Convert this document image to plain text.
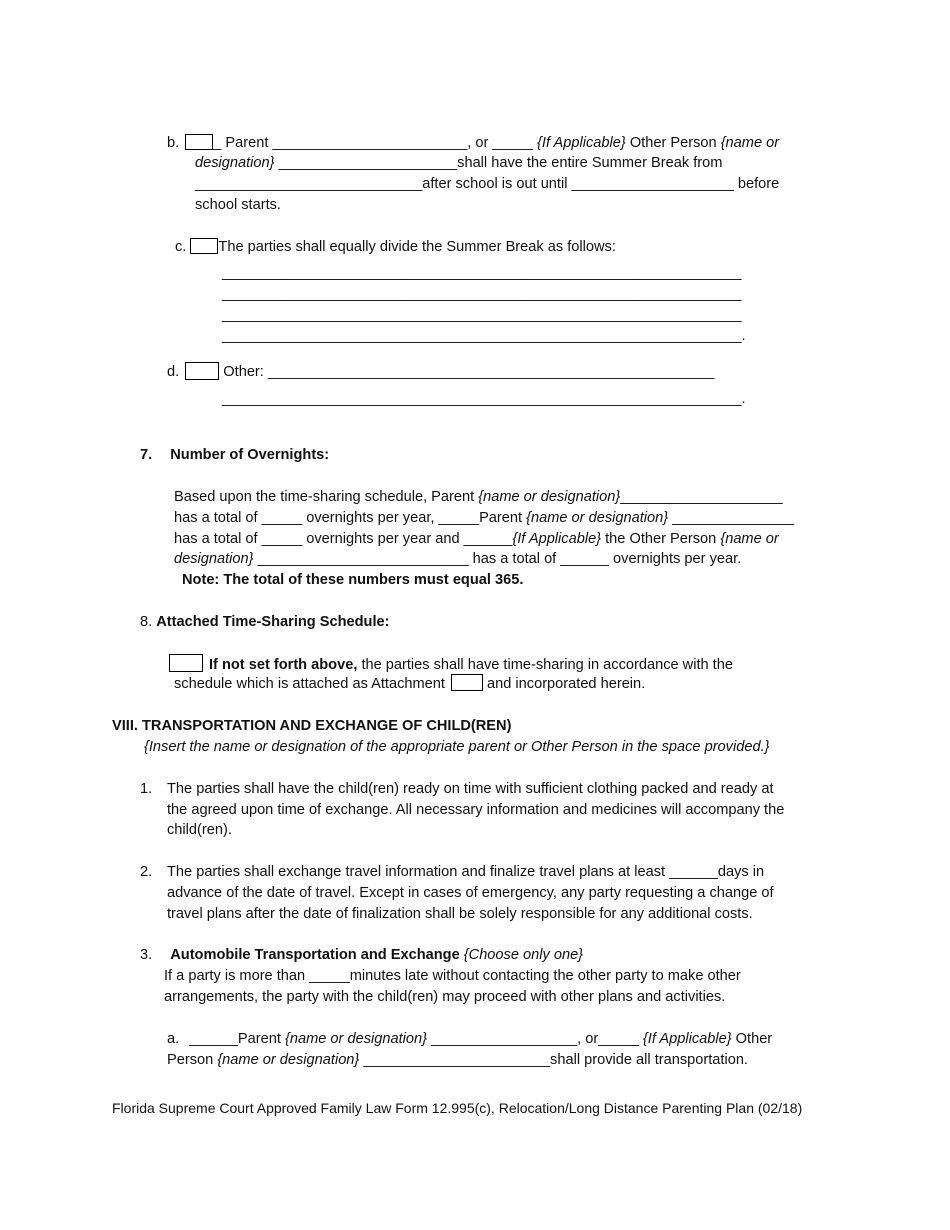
b. _ Parent ________________________, or _____ {If Applicable} Other Person {name or
designation} ______________________shall have the entire Summer Break from
____________________________after school is out until ____________________ before
school starts.
c. The parties shall equally divide the Summer Break as follows:
________________________________________________________________
________________________________________________________________
________________________________________________________________
________________________________________________________________.
d.	Other: _______________________________________________________
________________________________________________________________.
7. Number of Overnights:
Based upon the time-sharing schedule, Parent {name or designation}____________________
has a total of _____ overnights per year, _____Parent {name or designation} _______________
has a total of _____ overnights per year and ______{If Applicable} the Other Person {name or
designation} __________________________ has a total of ______ overnights per year.
Note: The total of these numbers must equal 365.
8. Attached Time-Sharing Schedule:
If not set forth above, the parties shall have time-sharing in accordance with the
schedule which is attached as Attachment	and incorporated herein.
VIII. TRANSPORTATION AND EXCHANGE OF CHILD(REN)
{Insert the name or designation of the appropriate parent or Other Person in the space provided.}
1. The parties shall have the child(ren) ready on time with sufficient clothing packed and ready at
the agreed upon time of exchange. All necessary information and medicines will accompany the
child(ren).
2. The parties shall exchange travel information and finalize travel plans at least ______days in
advance of the date of travel. Except in cases of emergency, any party requesting a change of
travel plans after the date of finalization shall be solely responsible for any additional costs.
3. Automobile Transportation and Exchange {Choose only one}
If a party is more than _____minutes late without contacting the other party to make other
arrangements, the party with the child(ren) may proceed with other plans and activities.
a. ______Parent {name or designation} __________________, or_____ {If Applicable} Other
Person {name or designation} _______________________shall provide all transportation.
Florida Supreme Court Approved Family Law Form 12.995(c), Relocation/Long Distance Parenting Plan (02/18)
